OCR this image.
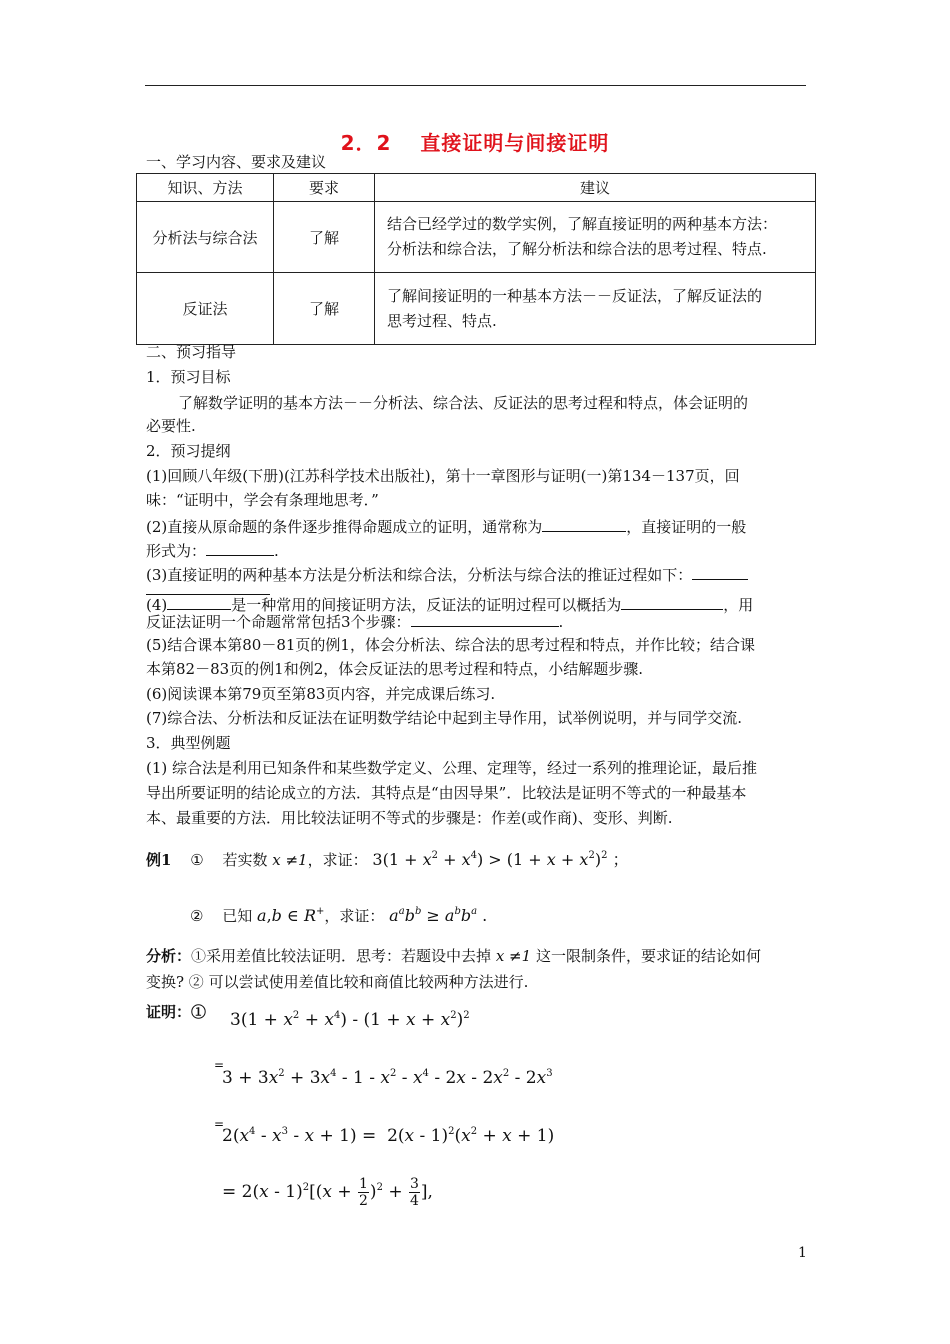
2．2　 直接证明与间接证明
一、学习内容、要求及建议
知识、方法	要求	建议
分析法与综合法	了解	结合已经学过的数学实例，了解直接证明的两种基本方法：
分析法和综合法，了解分析法和综合法的思考过程、特点.

反证法	了解	了解间接证明的一种基本方法－－反证法，了解反证法的
思考过程、特点.
二、预习指导
1．预习目标
了解数学证明的基本方法－－分析法、综合法、反证法的思考过程和特点，体会证明的
必要性.
2．预习提纲
(1)回顾八年级(下册)(江苏科学技术出版社)，第十一章图形与证明(一)第134－137页，回
味：“证明中，学会有条理地思考．”
(2)直接从原命题的条件逐步推得命题成立的证明，通常称为	，直接证明的一般
形式为：	.
(3)直接证明的两种基本方法是分析法和综合法，分析法与综合法的推证过程如下：
(4)	是一种常用的间接证明方法，反证法的证明过程可以概括为	，用
反证法证明一个命题常常包括3个步骤：	.
(5)结合课本第80－81页的例1，体会分析法、综合法的思考过程和特点，并作比较；结合课
本第82－83页的例1和例2，体会反证法的思考过程和特点，小结解题步骤.
(6)阅读课本第79页至第83页内容，并完成课后练习.
(7)综合法、分析法和反证法在证明数学结论中起到主导作用，试举例说明，并与同学交流.
3．典型例题
(1) 综合法是利用已知条件和某些数学定义、公理、定理等，经过一系列的推理论证，最后推
导出所要证明的结论成立的方法．其特点是“由因导果”．比较法是证明不等式的一种最基本
本、最重要的方法．用比较法证明不等式的步骤是：作差(或作商)、变形、判断.
例1 ① 若实数 x ≠1，求证： $3(1 + x^2 + x^4) > (1 + x + x^2)^2$ ；
② 已知 a,b ∈ R+，求证： $a^ab^b \ge a^bb^a$ .
分析：①采用差值比较法证明．思考：若题设中去掉 x ≠1 这一限制条件，要求证的结论如何
变换? ② 可以尝试使用差值比较和商值比较两种方法进行.
证明：① $3(1 + x^2 + x^4) - (1 + x + x^2)^2$
=
$3 + 3x^2 + 3x^4 - 1 - x^2 - x^4 - 2x - 2x^2 - 2x^3$
=
$2(x^4 - x^3 - x + 1) = 2(x - 1)^2(x^2 + x + 1)$
= $2(x - 1)^2[(x + \frac{1}{2} )^2 + \frac{3}{4}$ ],
1
